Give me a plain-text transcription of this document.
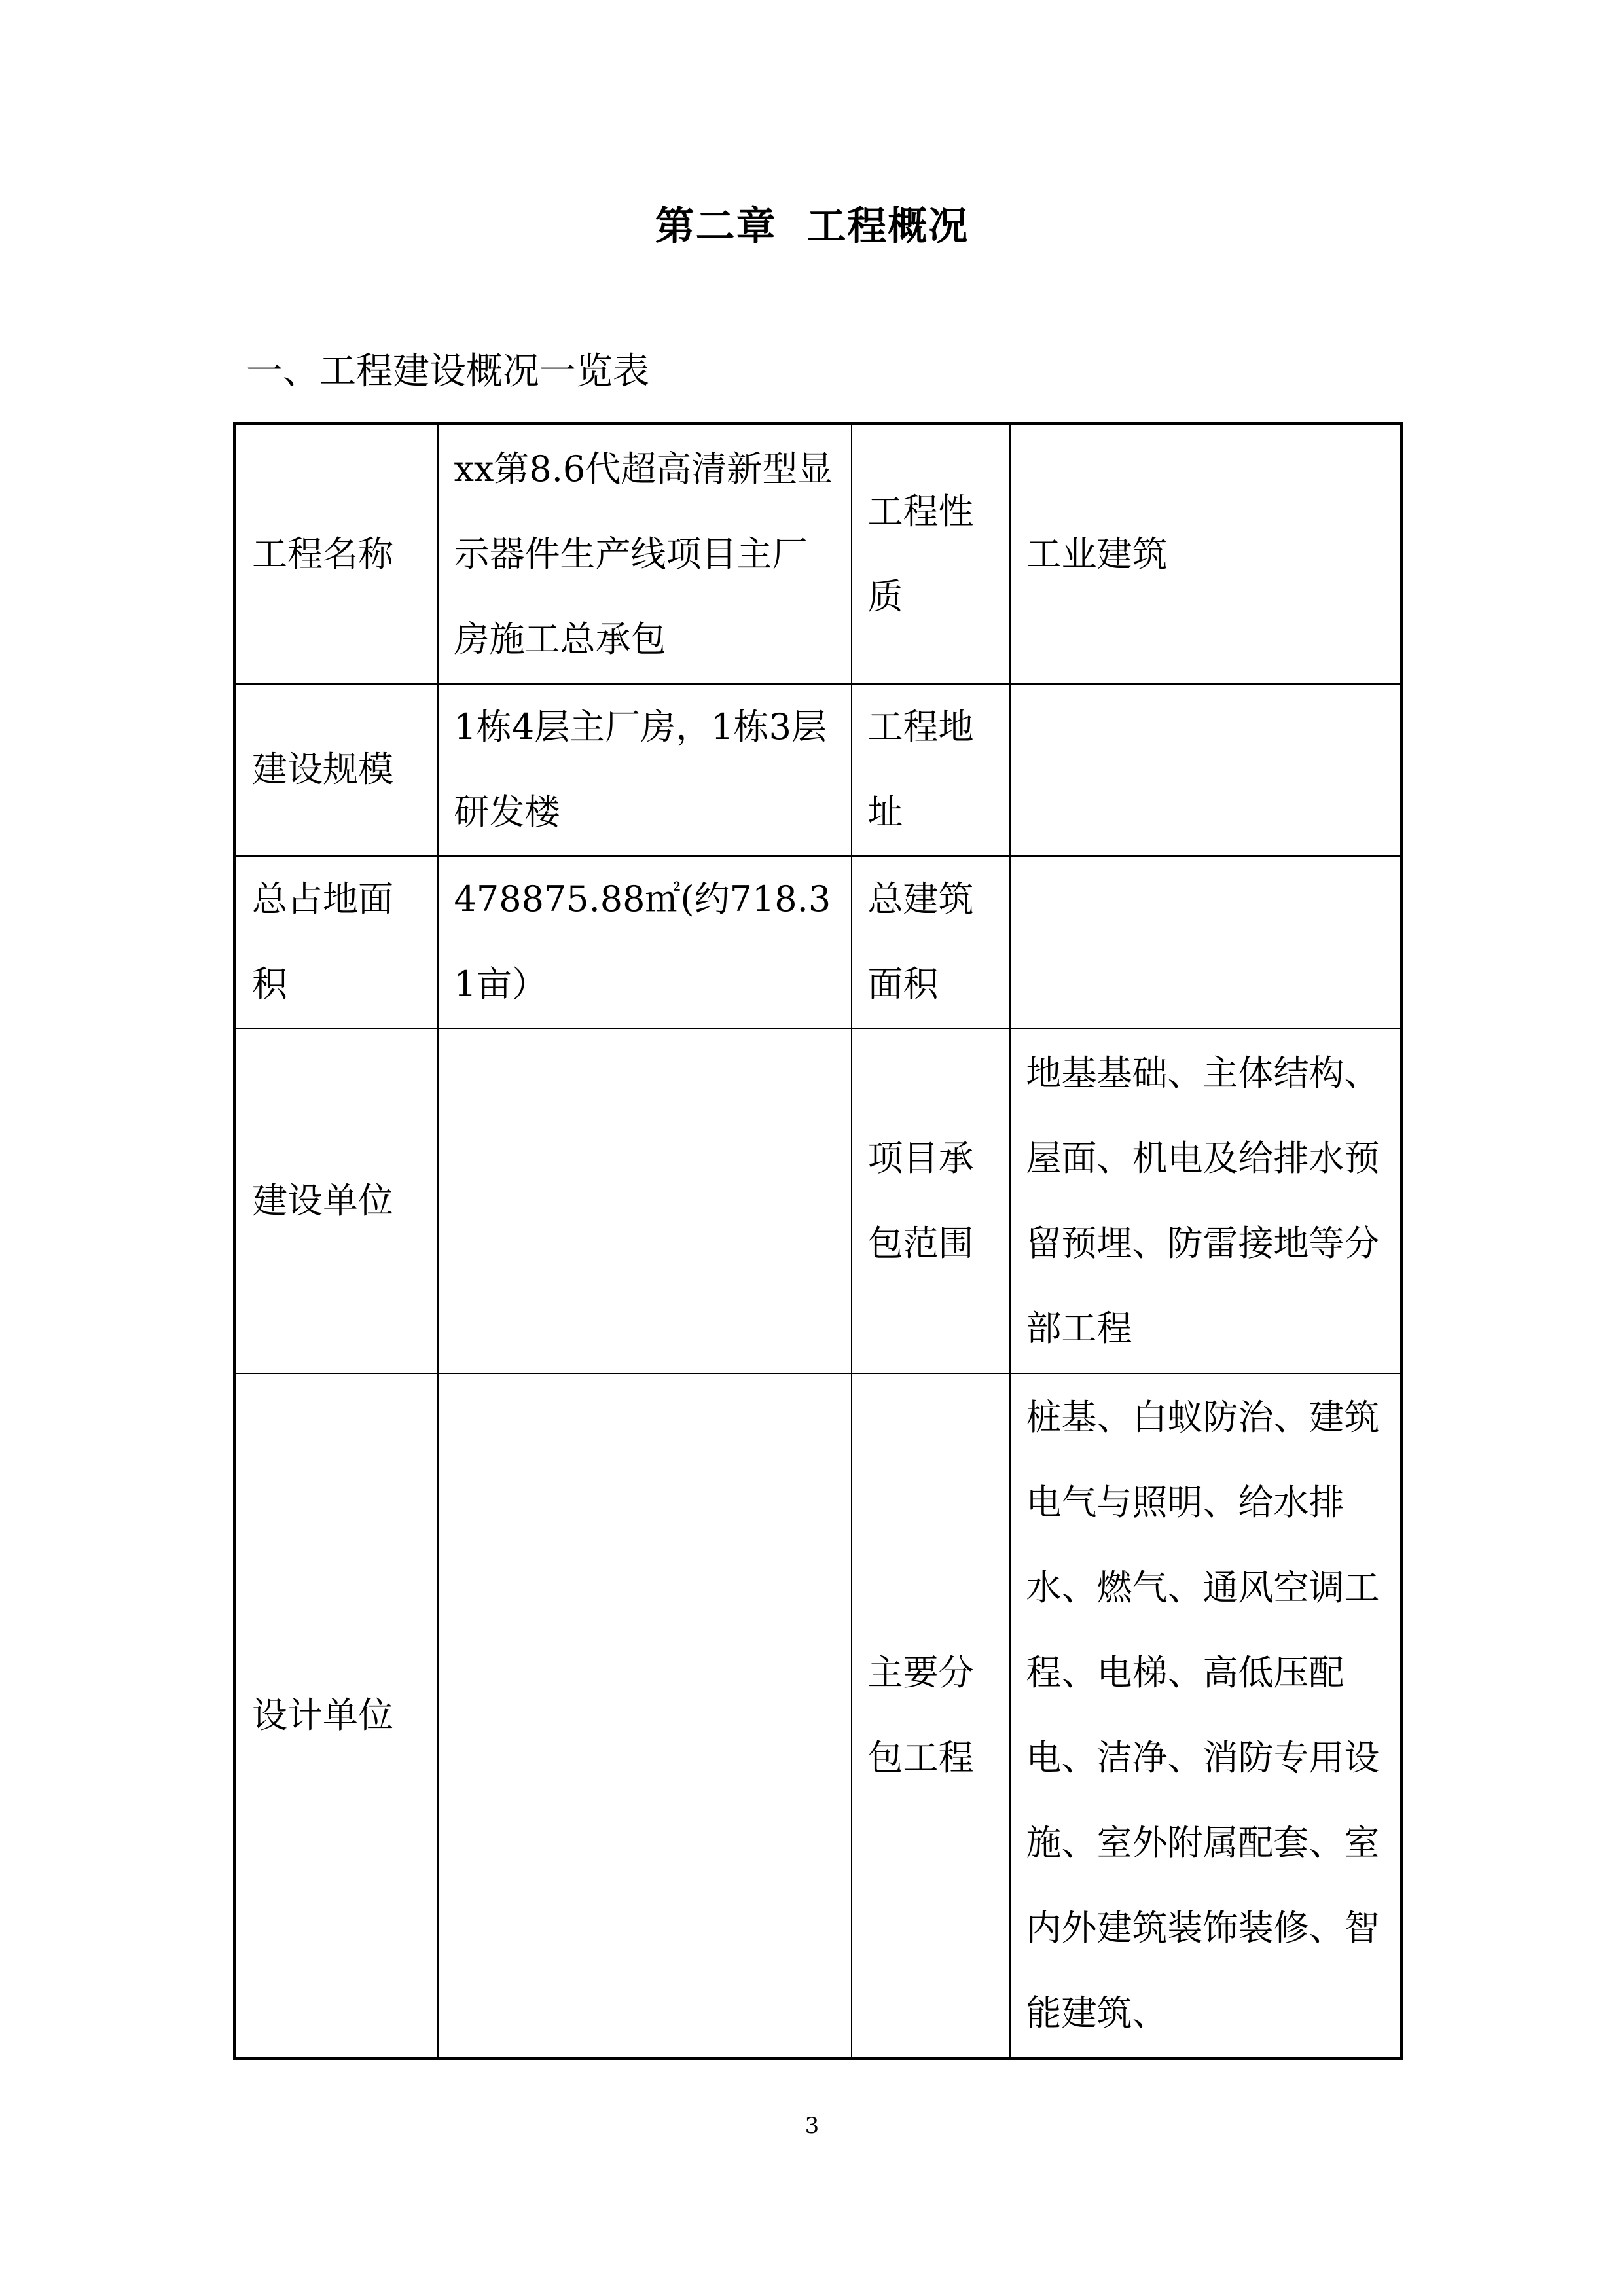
第二章  工程概况
一、工程建设概况一览表
工程名称	xx第8.6代超高清新型显示器件生产线项目主厂房施工总承包	工程性质	工业建筑

建设规模	1栋4层主厂房，1栋3层研发楼	工程地址	

总占地面积	478875.88㎡(约718.31亩）	总建筑面积	

建设单位		项目承包范围	地基基础、主体结构、屋面、机电及给排水预留预埋、防雷接地等分部工程

设计单位		主要分包工程	桩基、白蚁防治、建筑电气与照明、给水排水、燃气、通风空调工程、电梯、高低压配电、洁净、消防专用设施、室外附属配套、室内外建筑装饰装修、智能建筑、
3
